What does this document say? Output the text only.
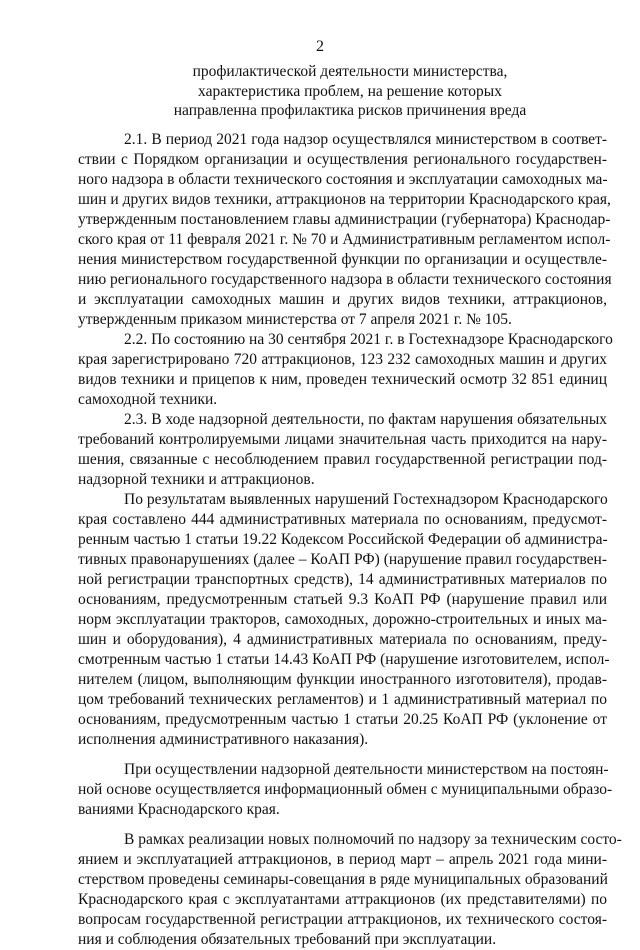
2
профилактической деятельности министерства,
характеристика проблем, на решение которых
направленна профилактика рисков причинения вреда
2.1. В период 2021 года надзор осуществлялся министерством в соответ-
ствии с Порядком организации и осуществления регионального государствен-
ного надзора в области технического состояния и эксплуатации самоходных ма-
шин и других видов техники, аттракционов на территории Краснодарского края,
утвержденным постановлением главы администрации (губернатора) Краснодар-
ского края от 11 февраля 2021 г. № 70 и Административным регламентом испол-
нения министерством государственной функции по организации и осуществле-
нию регионального государственного надзора в области технического состояния
и эксплуатации самоходных машин и других видов техники, аттракционов,
утвержденным приказом министерства от 7 апреля 2021 г. № 105.
2.2. По состоянию на 30 сентября 2021 г. в Гостехнадзоре Краснодарского
края зарегистрировано 720 аттракционов, 123 232 самоходных машин и других
видов техники и прицепов к ним, проведен технический осмотр 32 851 единиц
самоходной техники.
2.3. В ходе надзорной деятельности, по фактам нарушения обязательных
требований контролируемыми лицами значительная часть приходится на нару-
шения, связанные с несоблюдением правил государственной регистрации под-
надзорной техники и аттракционов.
По результатам выявленных нарушений Гостехнадзором Краснодарского
края составлено 444 административных материала по основаниям, предусмот-
ренным частью 1 статьи 19.22 Кодексом Российской Федерации об администра-
тивных правонарушениях (далее – КоАП РФ) (нарушение правил государствен-
ной регистрации транспортных средств), 14 административных материалов по
основаниям, предусмотренным статьей 9.3 КоАП РФ (нарушение правил или
норм эксплуатации тракторов, самоходных, дорожно-строительных и иных ма-
шин и оборудования), 4 административных материала по основаниям, преду-
смотренным частью 1 статьи 14.43 КоАП РФ (нарушение изготовителем, испол-
нителем (лицом, выполняющим функции иностранного изготовителя), продав-
цом требований технических регламентов) и 1 административный материал по
основаниям, предусмотренным частью 1 статьи 20.25 КоАП РФ (уклонение от
исполнения административного наказания).
При осуществлении надзорной деятельности министерством на постоян-
ной основе осуществляется информационный обмен с муниципальными образо-
ваниями Краснодарского края.
В рамках реализации новых полномочий по надзору за техническим состо-
янием и эксплуатацией аттракционов, в период март – апрель 2021 года мини-
стерством проведены семинары-совещания в ряде муниципальных образований
Краснодарского края с эксплуатантами аттракционов (их представителями) по
вопросам государственной регистрации аттракционов, их технического состоя-
ния и соблюдения обязательных требований при эксплуатации.
